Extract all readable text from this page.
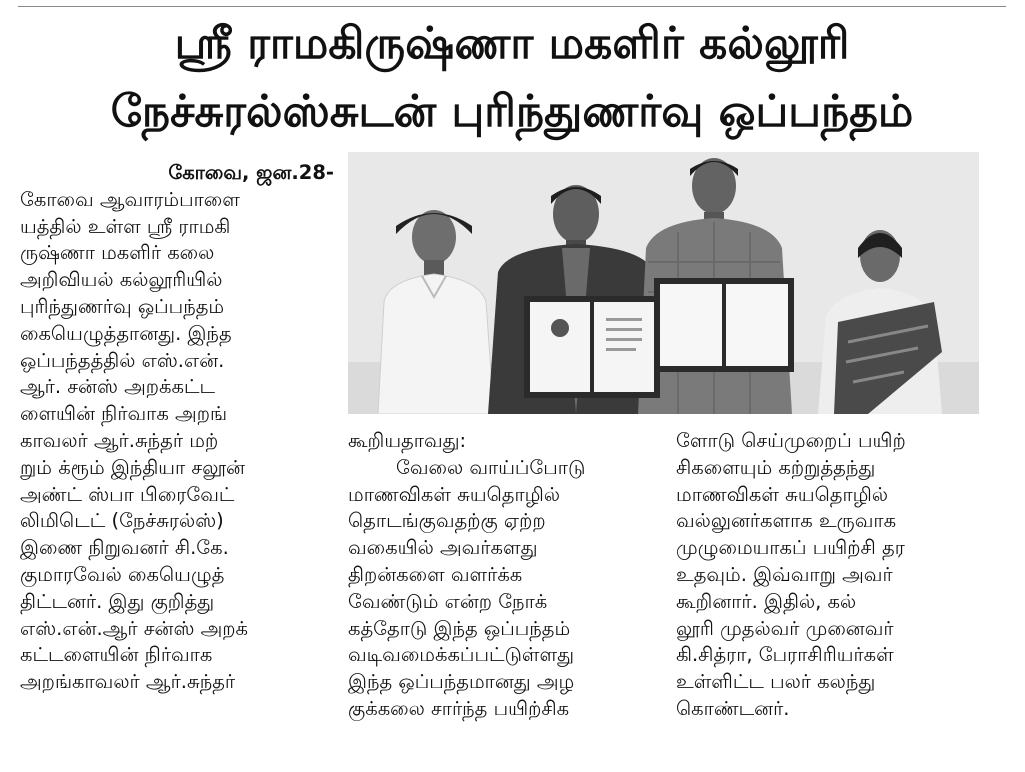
ஸ்ரீ ராமகிருஷ்ணா மகளிர் கல்லூரி
நேச்சுரல்ஸ்சுடன் புரிந்துணர்வு ஒப்பந்தம்
கோவை, ஜன.28-
கோவை ஆவாரம்பாளை
யத்தில் உள்ள ஸ்ரீ ராமகி
ருஷ்ணா மகளிர் கலை
அறிவியல் கல்லூரியில்
புரிந்துணர்வு ஒப்பந்தம்
கையெழுத்தானது. இந்த
ஒப்பந்தத்தில் எஸ்.என்.
ஆர். சன்ஸ் அறக்கட்ட
ளையின் நிர்வாக அறங்
காவலர் ஆர்.சுந்தர் மற்
றும் க்ரூம் இந்தியா சலூன்
அண்ட் ஸ்பா பிரைவேட்
லிமிடெட் (நேச்சுரல்ஸ்)
இணை நிறுவனர் சி.கே.
குமாரவேல் கையெழுத்
திட்டனர். இது குறித்து
எஸ்.என்.ஆர் சன்ஸ் அறக்
கட்டளையின் நிர்வாக
அறங்காவலர் ஆர்.சுந்தர்
கூறியதாவது:
வேலை வாய்ப்போடு
மாணவிகள் சுயதொழில்
தொடங்குவதற்கு ஏற்ற
வகையில் அவர்களது
திறன்களை வளர்க்க
வேண்டும் என்ற நோக்
கத்தோடு இந்த ஒப்பந்தம்
வடிவமைக்கப்பட்டுள்ளது
இந்த ஒப்பந்தமானது அழ
குக்கலை சார்ந்த பயிற்சிக
ளோடு செய்முறைப் பயிற்
சிகளையும் கற்றுத்தந்து
மாணவிகள் சுயதொழில்
வல்லுனர்களாக உருவாக
முழுமையாகப் பயிற்சி தர
உதவும். இவ்வாறு அவர்
கூறினார். இதில், கல்
லூரி முதல்வர் முனைவர்
கி.சித்ரா, பேராசிரியர்கள்
உள்ளிட்ட பலர் கலந்து
கொண்டனர்.
